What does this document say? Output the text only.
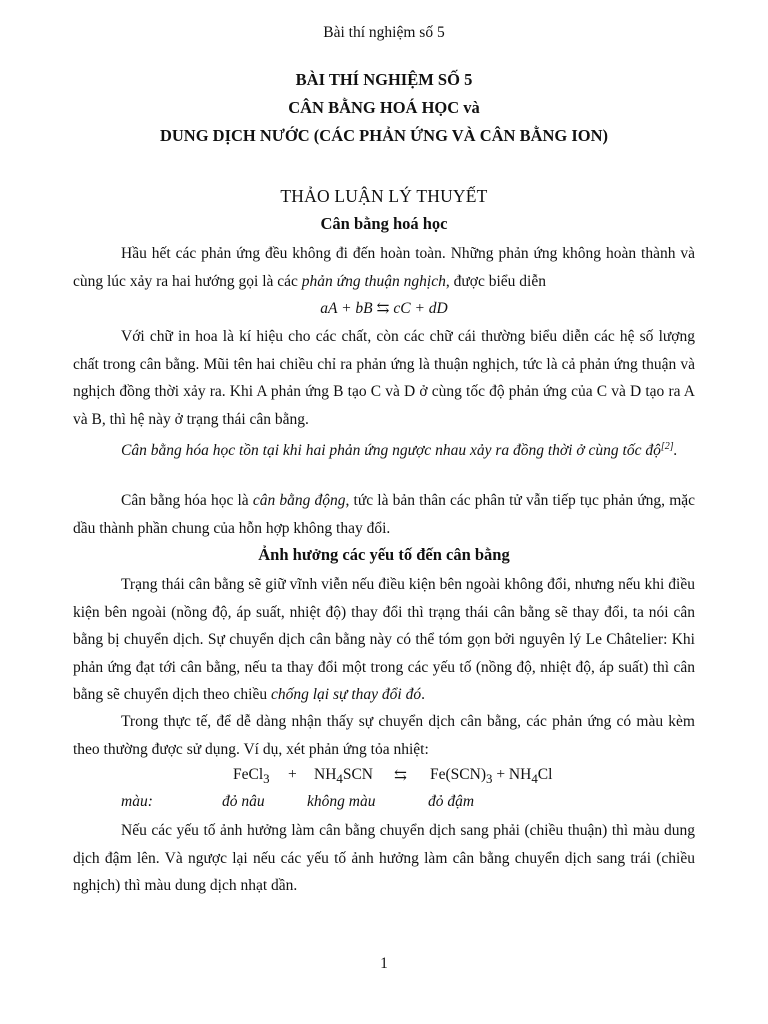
Bài thí nghiệm số 5
BÀI THÍ NGHIỆM SỐ 5
CÂN BẰNG HOÁ HỌC và
DUNG DỊCH NƯỚC (CÁC PHẢN ỨNG VÀ CÂN BẰNG ION)
THẢO LUẬN LÝ THUYẾT
Cân bằng hoá học

Hầu hết các phản ứng đều không đi đến hoàn toàn. Những phản ứng không hoàn thành và cùng lúc xảy ra hai hướng gọi là các phản ứng thuận nghịch, được biểu diễn

aA + bB ⇆ cC + dD

Với chữ in hoa là kí hiệu cho các chất, còn các chữ cái thường biểu diễn các hệ số lượng chất trong cân bằng. Mũi tên hai chiều chỉ ra phản ứng là thuận nghịch, tức là cả phản ứng thuận và nghịch đồng thời xảy ra. Khi A phản ứng B tạo C và D ở cùng tốc độ phản ứng của C và D tạo ra A và B, thì hệ này ở trạng thái cân bằng.

Cân bằng hóa học tồn tại khi hai phản ứng ngược nhau xảy ra đồng thời ở cùng tốc độ[2].

Cân bằng hóa học là cân bằng động, tức là bản thân các phân tử vẫn tiếp tục phản ứng, mặc dầu thành phần chung của hỗn hợp không thay đổi.

Ảnh hưởng các yếu tố đến cân bằng

Trạng thái cân bằng sẽ giữ vĩnh viễn nếu điều kiện bên ngoài không đổi, nhưng nếu khi điều kiện bên ngoài (nồng độ, áp suất, nhiệt độ) thay đổi thì trạng thái cân bằng sẽ thay đổi, ta nói cân bằng bị chuyển dịch. Sự chuyển dịch cân bằng này có thể tóm gọn bởi nguyên lý Le Châtelier: Khi phản ứng đạt tới cân bằng, nếu ta thay đổi một trong các yếu tố (nồng độ, nhiệt độ, áp suất) thì cân bằng sẽ chuyển dịch theo chiều chống lại sự thay đổi đó.

Trong thực tế, để dễ dàng nhận thấy sự chuyển dịch cân bằng, các phản ứng có màu kèm theo thường được sử dụng. Ví dụ, xét phản ứng tỏa nhiệt:

FeCl$_3$ + $NH_4SCN$ ⇆ $Fe(SCN)_3 + NH_4Cl$
màu:	đỏ nâu	không màu	đỏ đậm

Nếu các yếu tố ảnh hưởng làm cân bằng chuyển dịch sang phải (chiều thuận) thì màu dung dịch đậm lên. Và ngược lại nếu các yếu tố ảnh hưởng làm cân bằng chuyển dịch sang trái (chiều nghịch) thì màu dung dịch nhạt dần.

1
